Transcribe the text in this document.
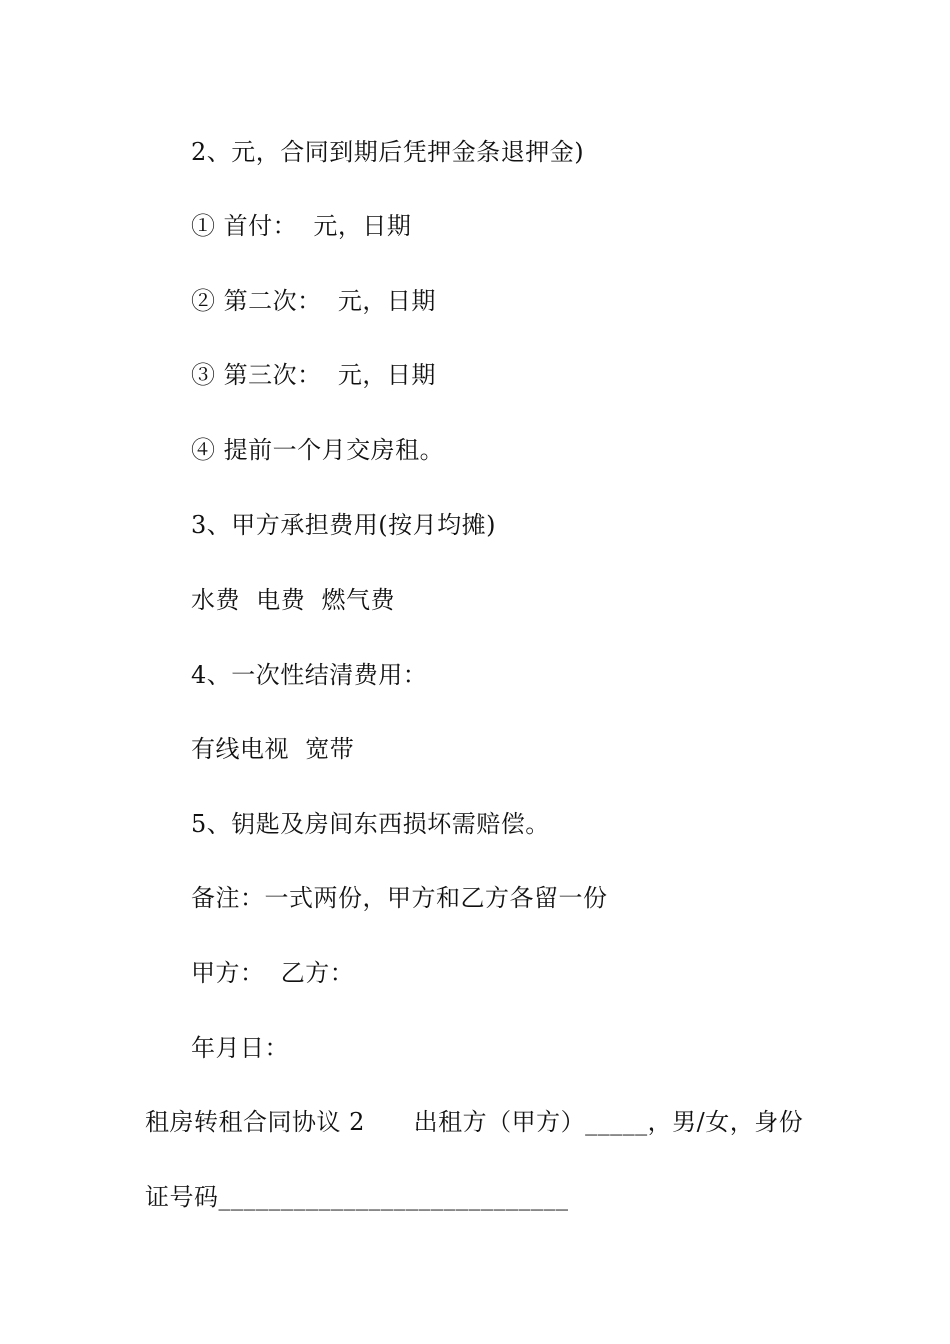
2、元，合同到期后凭押金条退押金)
① 首付：  元，日期
② 第二次：  元，日期
③ 第三次：  元，日期
④ 提前一个月交房租。
3、甲方承担费用(按月均摊)
水费  电费  燃气费
4、一次性结清费用：
有线电视  宽带
5、钥匙及房间东西损坏需赔偿。
备注：一式两份，甲方和乙方各留一份
甲方：  乙方：
年月日：
租房转租合同协议 2      出租方（甲方）_____，男/女，身份
证号码____________________________
